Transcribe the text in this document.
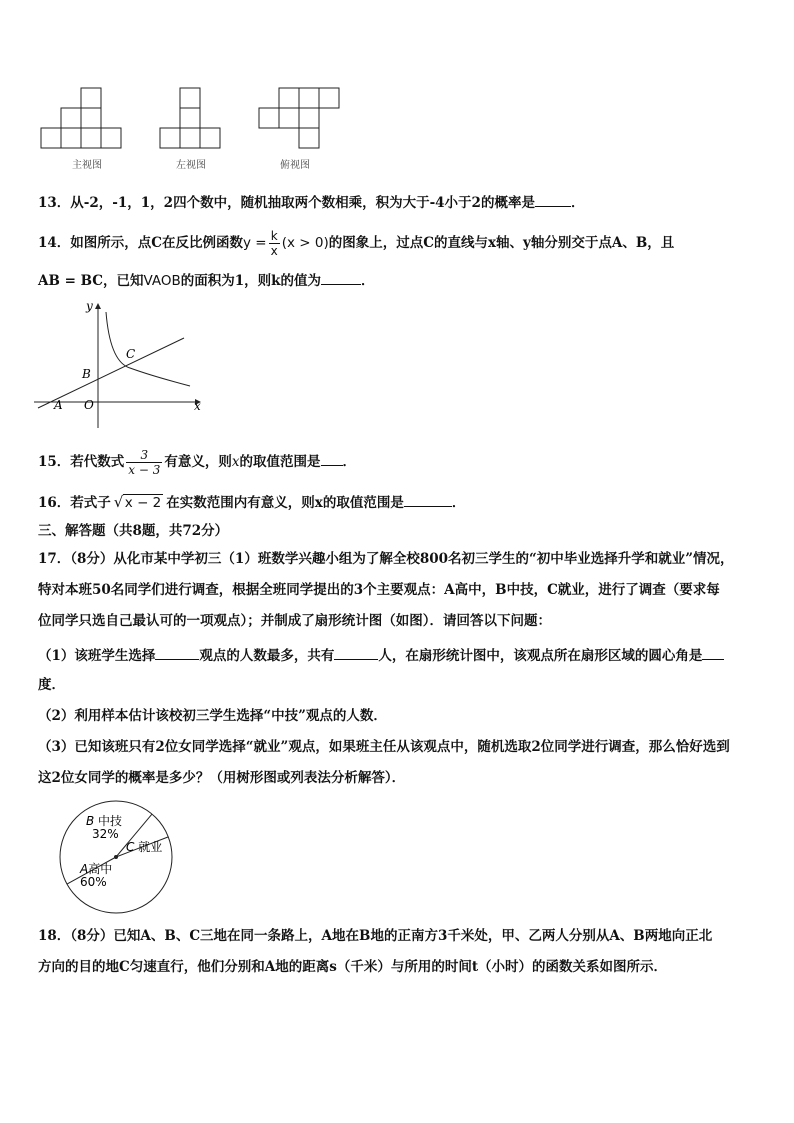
主视图	左视图	俯视图
13．从-2，-1，1，2四个数中，随机抽取两个数相乘，积为大于-4小于2的概率是	．
14．如图所示，点C在反比例函数$y = \frac{k}{x} (x > 0)$的图象上，过点C的直线与x轴、y轴分别交于点A、B，且
AB = BC，已知VAOB的面积为1，则k的值为	．
y
x
A O
B
C
15．若代数式 $\frac{3}{x - 3}$ 有意义，则x的取值范围是 ．
16．若式子 √ x − 2 在实数范围内有意义，则x的取值范围是	．
三、解答题（共8题，共72分）
17．（8分）从化市某中学初三（1）班数学兴趣小组为了解全校800名初三学生的“初中毕业选择升学和就业”情况，
特对本班50名同学们进行调查，根据全班同学提出的3个主要观点：A高中，B中技，C就业，进行了调查（要求每
位同学只选自己最认可的一项观点）；并制成了扇形统计图（如图）．请回答以下问题：
（1）该班学生选择	观点的人数最多，共有	人，在扇形统计图中，该观点所在扇形区域的圆心角是
度．
（2）利用样本估计该校初三学生选择“中技”观点的人数．
（3）已知该班只有2位女同学选择“就业”观点，如果班主任从该观点中，随机选取2位同学进行调查，那么恰好选到
这2位女同学的概率是多少？（用树形图或列表法分析解答）．
A高中
60%
B 中技
32%
C 就业
18．（8分）已知A、B、C三地在同一条路上，A地在B地的正南方3千米处，甲、乙两人分别从A、B两地向正北
方向的目的地C匀速直行，他们分别和A地的距离s（千米）与所用的时间t（小时）的函数关系如图所示．
